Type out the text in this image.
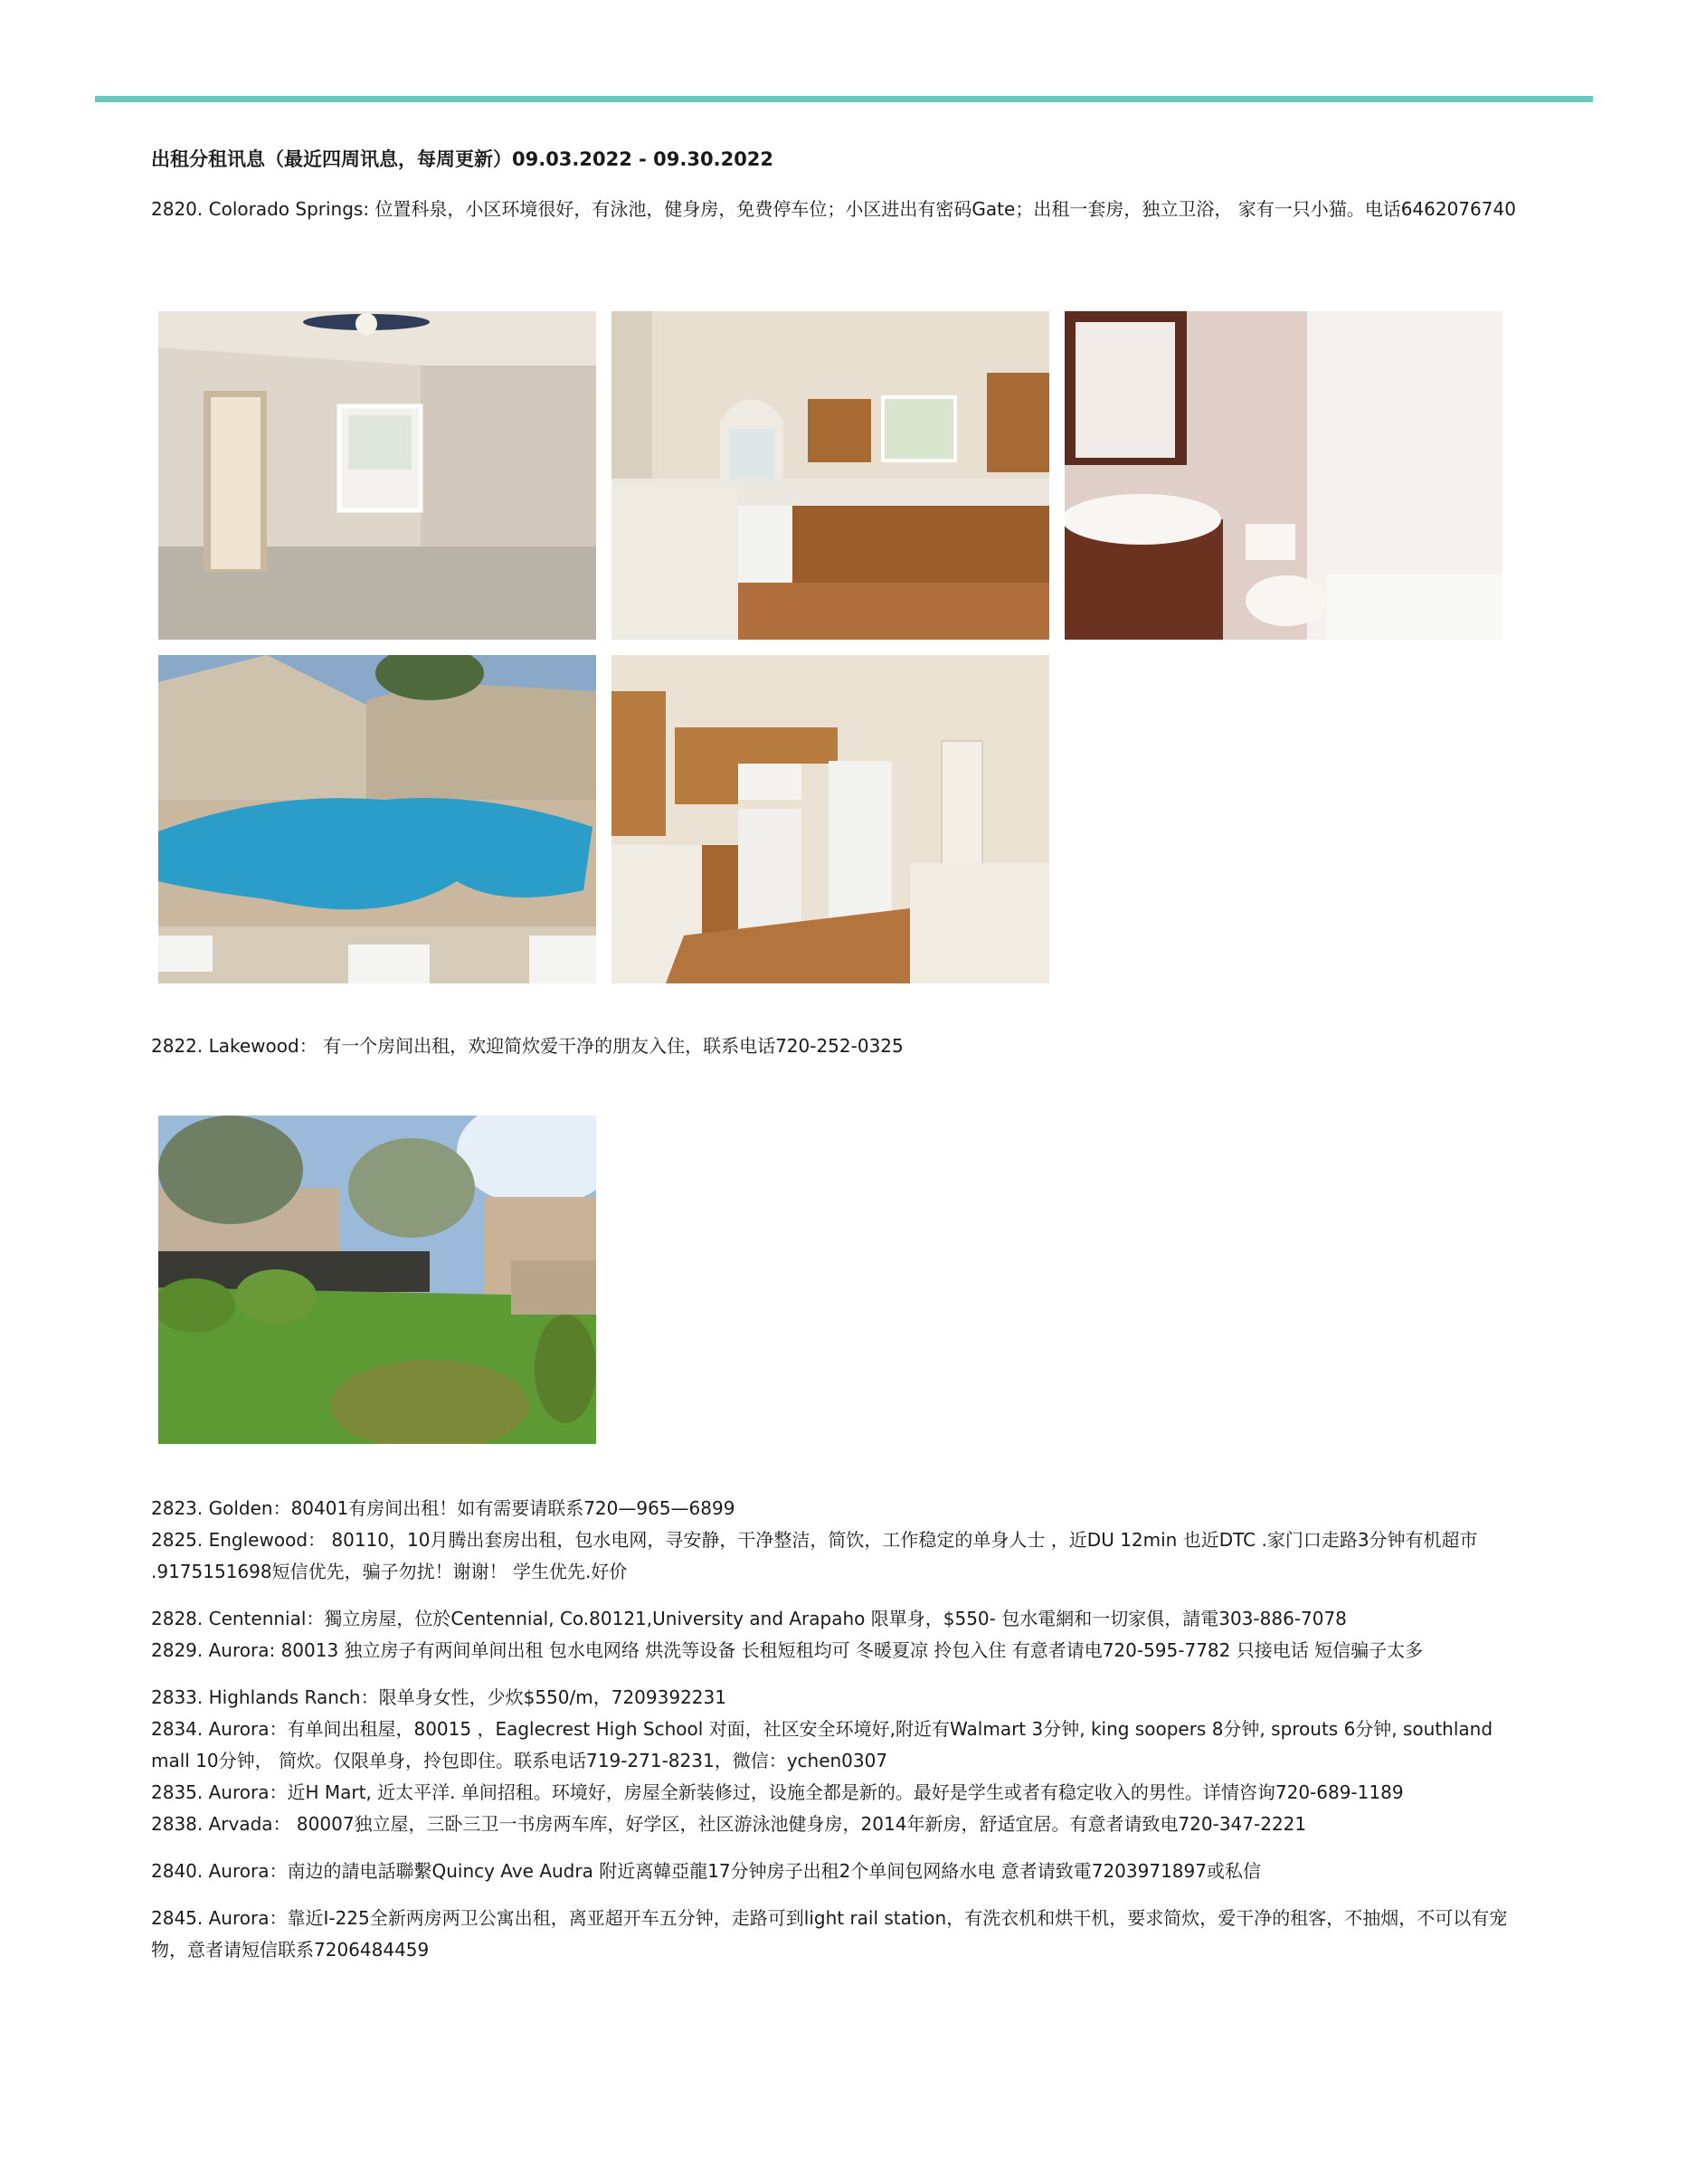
出租分租讯息（最近四周讯息，每周更新）09.03.2022 - 09.30.2022

2820. Colorado Springs: 位置科泉，小区环境很好，有泳池，健身房，免费停车位；小区进出有密码Gate；出租一套房，独立卫浴， 家有一只小猫。电话6462076740

2822. Lakewood： 有一个房间出租，欢迎简炊爱干净的朋友入住，联系电话720-252-0325

2823. Golden：80401有房间出租！如有需要请联系720—965—6899

2825. Englewood： 80110，10月腾出套房出租，包水电网，寻安静，干净整洁，简饮，工作稳定的单身人士 ，近DU 12min 也近DTC .家门口走路3分钟有机超市 .9175151698短信优先，骗子勿扰！谢谢！ 学生优先.好价

2828. Centennial：獨立房屋，位於Centennial, Co.80121,University and Arapaho 限單身，$550- 包水電網和一切家俱，請電303-886-7078

2829. Aurora: 80013 独立房子有两间单间出租 包水电网络 烘洗等设备 长租短租均可 冬暖夏凉 拎包入住 有意者请电720-595-7782 只接电话 短信骗子太多

2833. Highlands Ranch：限单身女性，少炊$550/m，7209392231

2834. Aurora：有单间出租屋，80015 ，Eaglecrest High School 对面，社区安全环境好,附近有Walmart 3分钟, king soopers 8分钟, sprouts 6分钟, southland mall 10分钟， 简炊。仅限单身，拎包即住。联系电话719-271-8231，微信：ychen0307

2835. Aurora：近H Mart, 近太平洋. 单间招租。环境好，房屋全新装修过，设施全都是新的。最好是学生或者有稳定收入的男性。详情咨询720-689-1189

2838. Arvada： 80007独立屋，三卧三卫一书房两车库，好学区，社区游泳池健身房，2014年新房，舒适宜居。有意者请致电720-347-2221

2840. Aurora：南边的請电話聯繫Quincy Ave Audra 附近离韓亞龍17分钟房子出租2个单间包网絡水电 意者请致電7203971897或私信

2845. Aurora：靠近I-225全新两房两卫公寓出租，离亚超开车五分钟，走路可到light rail station，有洗衣机和烘干机，要求简炊，爱干净的租客，不抽烟，不可以有宠物，意者请短信联系7206484459
